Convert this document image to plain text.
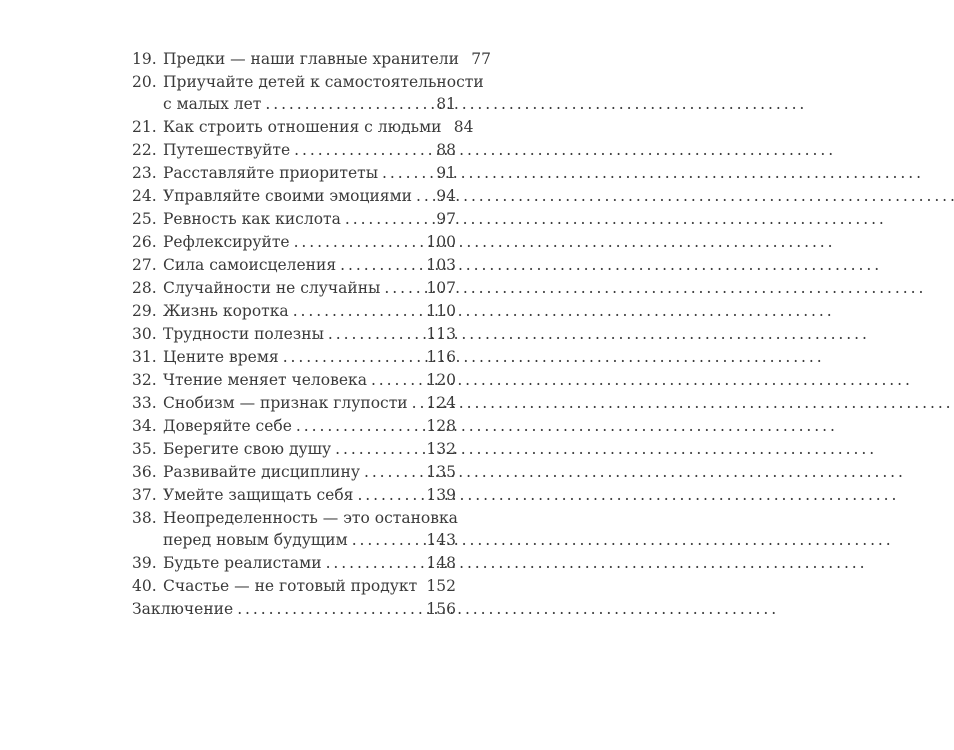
19. Предки — наши главные хранители 77
20. Приучайте детей к самостоятельности
с малых лет . . .	81
21. Как строить отношения с людьми 84
22. Путешествуйте . . .	88
23. Расставляйте приоритеты . . .	91
24. Управляйте своими эмоциями . . . 94
25. Ревность как кислота . . .	97
26. Рефлексируйте . . .	100
27. Сила самоисцеления . . .	103
28. Случайности не случайны . . .	107
29. Жизнь коротка . . .	110
30. Трудности полезны . . .	113
31. Цените время . . .	116
32. Чтение меняет человека . . .	120
33. Снобизм — признак глупости . . . 124
34. Доверяйте себе . . .	128
35. Берегите свою душу . . .	132
36. Развивайте дисциплину . . .	135
37. Умейте защищать себя . . .	139
38. Неопределенность — это остановка
перед новым будущим . . .	143
39. Будьте реалистами . . .	148
40. Счастье — не готовый продукт . . . 152
Заключение . . .	156
